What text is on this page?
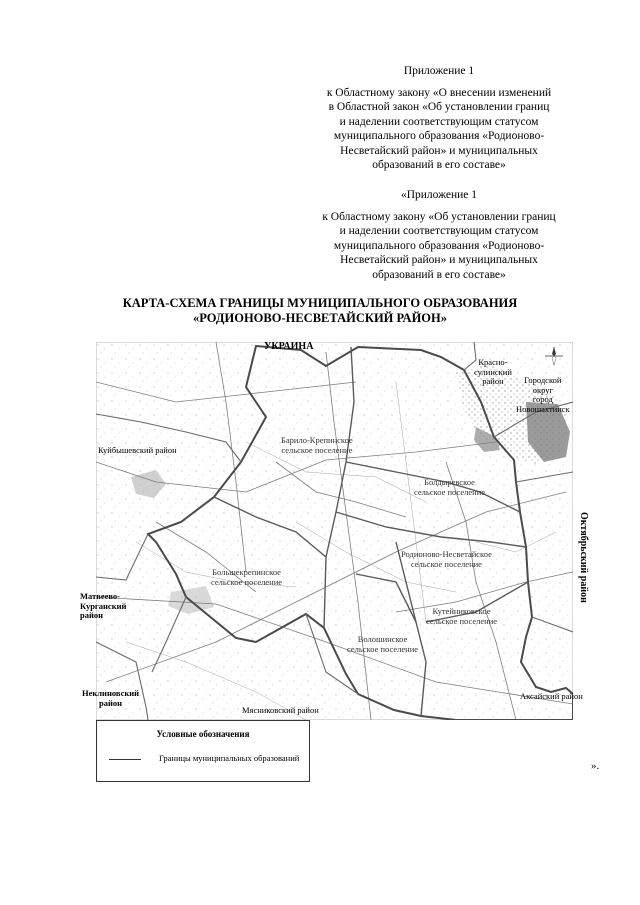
Приложение 1
к Областному закону «О внесении изменений
в Областной закон «Об установлении границ
и наделении соответствующим статусом
муниципального образования «Родионово-
Несветайский район» и муниципальных
образований в его составе»
«Приложение 1
к Областному закону «Об установлении границ
и наделении соответствующим статусом
муниципального образования «Родионово-
Несветайский район» и муниципальных
образований в его составе»
КАРТА-СХЕМА ГРАНИЦЫ МУНИЦИПАЛЬНОГО ОБРАЗОВАНИЯ
«РОДИОНОВО-НЕСВЕТАЙСКИЙ РАЙОН»
Барило-Крепинское
сельское поселение
Болдыревское
сельское поселение
Родионово-Несветайское
сельское поселение
Большекрепинское
сельское поселение
Кутейниковское
сельское поселение
Волошинское
сельское поселение
УКРАИНА
Куйбышевский район
Матвеево-
Курганский
район
Неклиновский
район
Мясниковский район
Аксайский район
Красно-
сулинский
район	Городской
округ
город
Новошахтинск
Октябрьский район
Условные обозначения
Границы муниципальных образований
».
